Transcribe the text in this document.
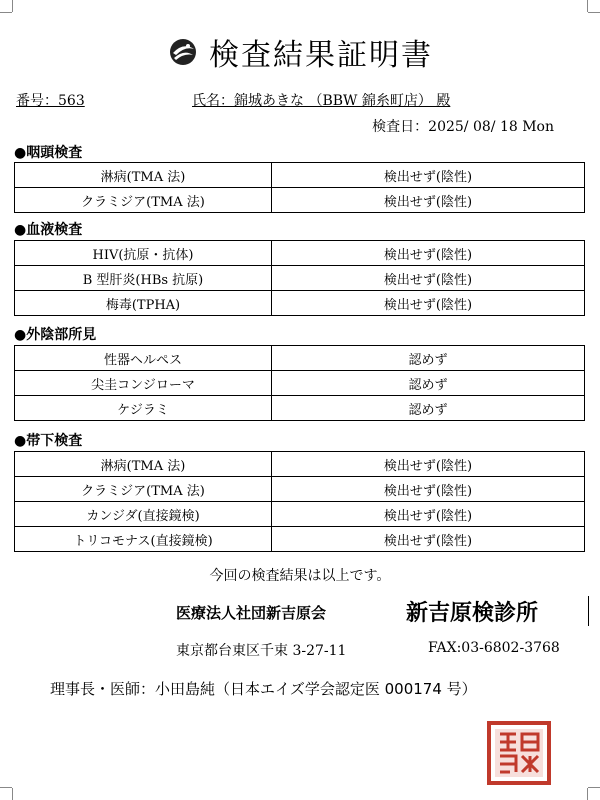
検査結果証明書
番号：563	氏名：錦城あきな （BBW 錦糸町店） 殿
検査日：2025/ 08/ 18 Mon
●咽頭検査
淋病(TMA 法)	検出せず(陰性)
クラミジア(TMA 法)	検出せず(陰性)
●血液検査
HIV(抗原・抗体)	検出せず(陰性)
B 型肝炎(HBs 抗原)	検出せず(陰性)
梅毒(TPHA)	検出せず(陰性)
●外陰部所見
性器ヘルペス	認めず
尖圭コンジローマ	認めず
ケジラミ	認めず
●帯下検査
淋病(TMA 法)	検出せず(陰性)
クラミジア(TMA 法)	検出せず(陰性)
カンジダ(直接鏡検)	検出せず(陰性)
トリコモナス(直接鏡検)	検出せず(陰性)
今回の検査結果は以上です。
医療法人社団新吉原会	新吉原検診所
東京都台東区千束 3-27-11	FAX:03-6802-3768
理事長・医師：小田島純（日本エイズ学会認定医 000174 号）
